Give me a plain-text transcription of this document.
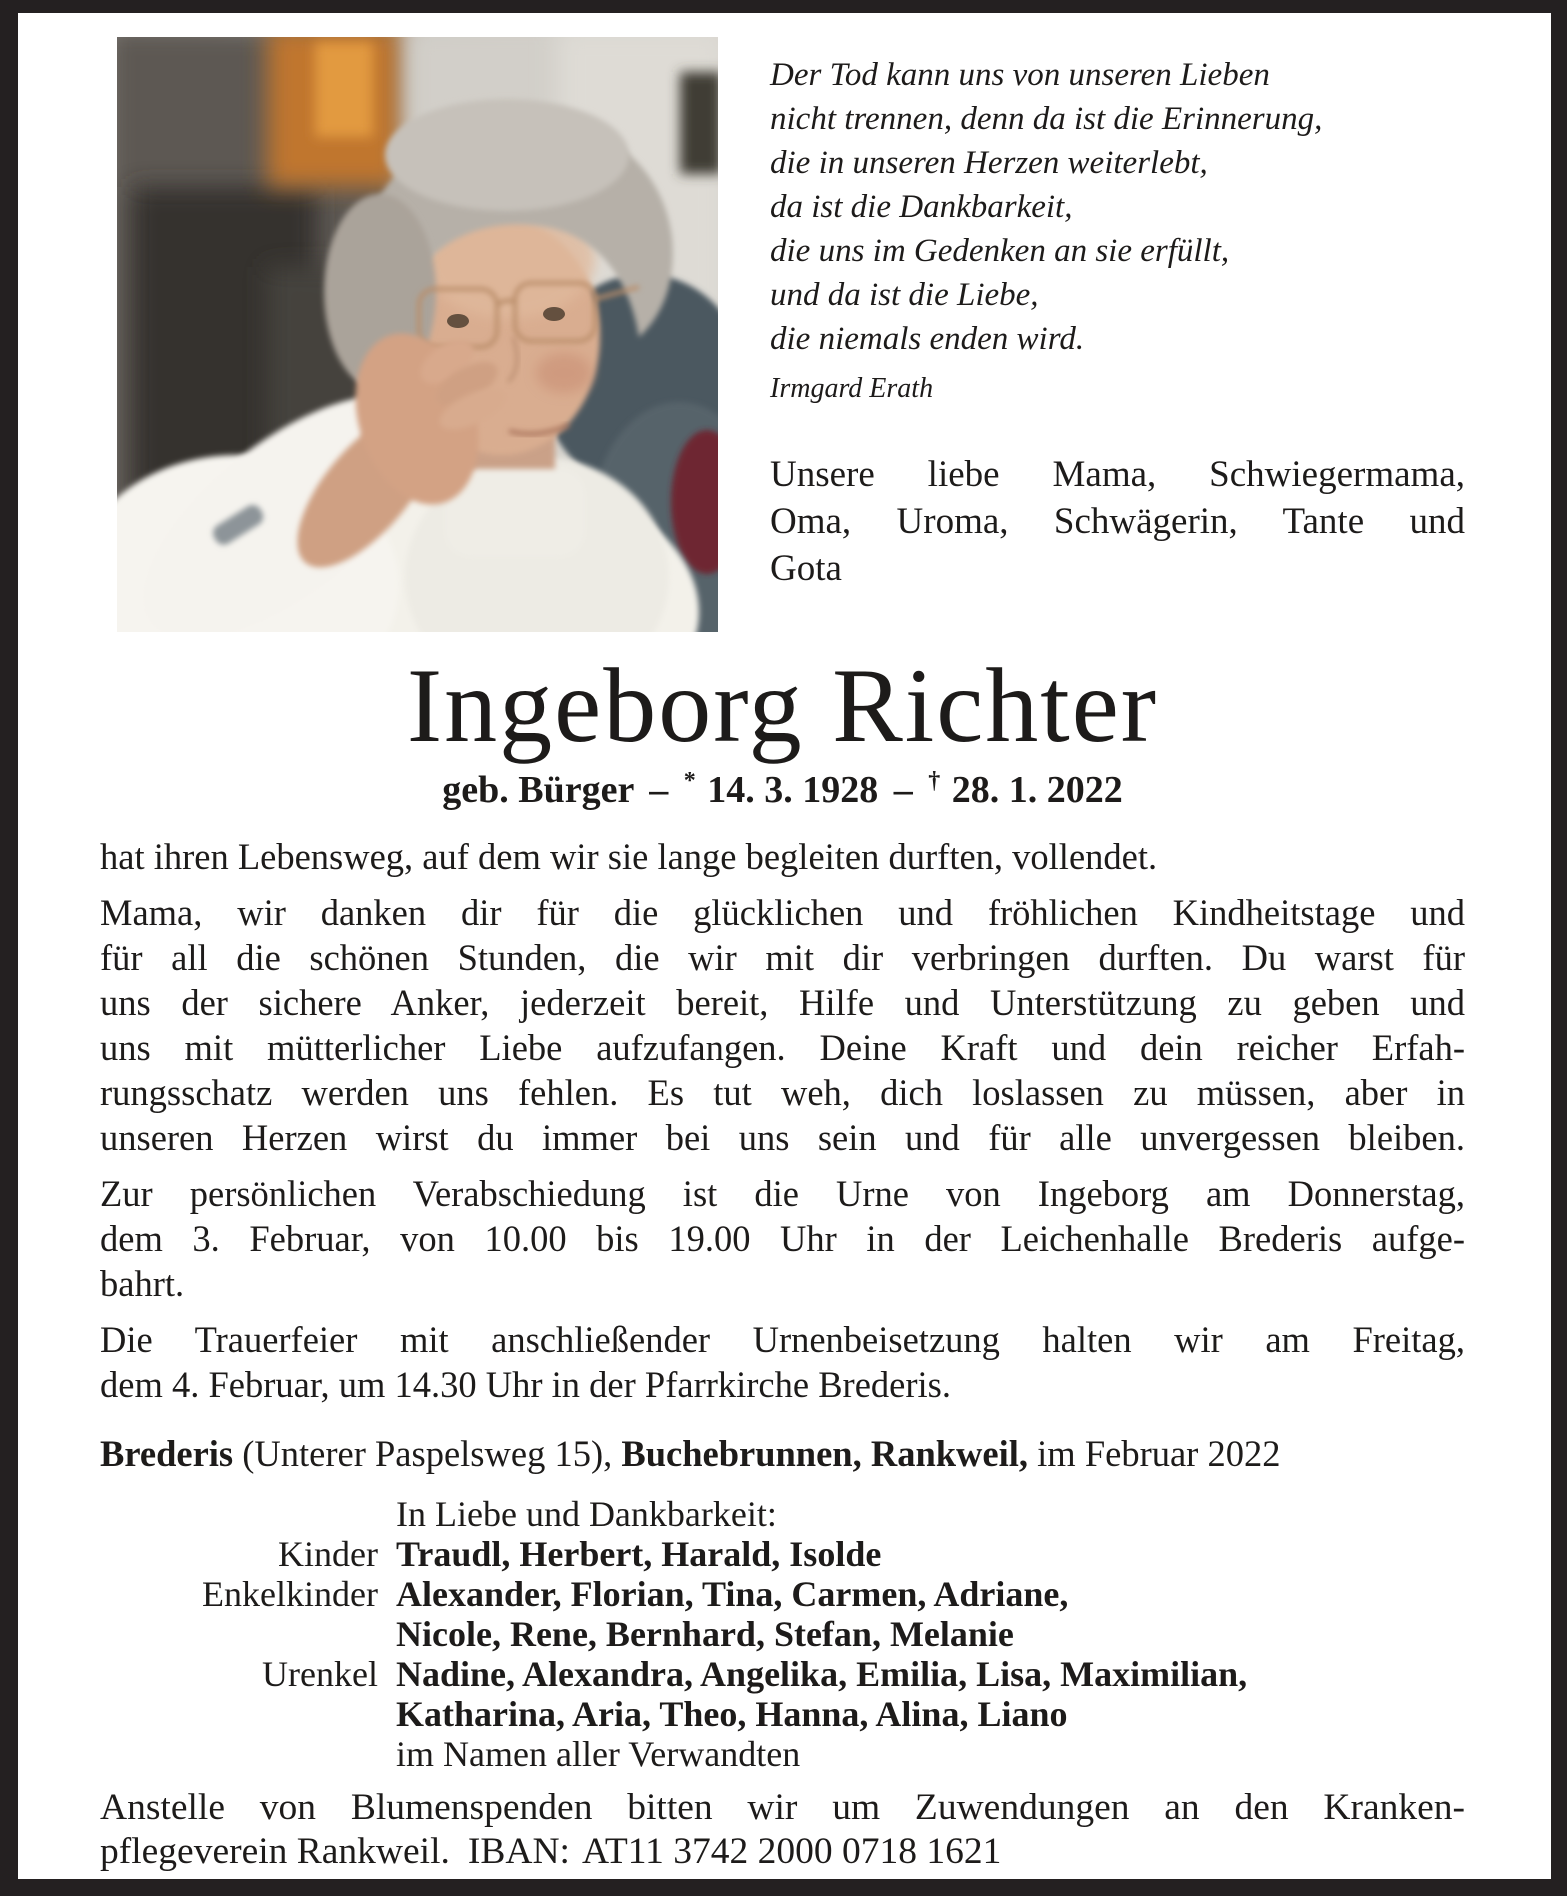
Der Tod kann uns von unseren Lieben
nicht trennen, denn da ist die Erinnerung,
die in unseren Herzen weiterlebt,
da ist die Dankbarkeit,
die uns im Gedenken an sie erfüllt,
und da ist die Liebe,
die niemals enden wird.
Irmgard Erath
Unsere liebe Mama, Schwiegermama,
Oma, Uroma, Schwägerin, Tante und
Gota
Ingeborg Richter
geb. Bürger – * 14. 3. 1928 – † 28. 1. 2022
hat ihren Lebensweg, auf dem wir sie lange begleiten durften, vollendet.
Mama, wir danken dir für die glücklichen und fröhlichen Kindheitstage und
für all die schönen Stunden, die wir mit dir verbringen durften. Du warst für
uns der sichere Anker, jederzeit bereit, Hilfe und Unterstützung zu geben und
uns mit mütterlicher Liebe aufzufangen. Deine Kraft und dein reicher Erfah-
rungsschatz werden uns fehlen. Es tut weh, dich loslassen zu müssen, aber in
unseren Herzen wirst du immer bei uns sein und für alle unvergessen bleiben.
Zur persönlichen Verabschiedung ist die Urne von Ingeborg am Donnerstag,
dem 3. Februar, von 10.00 bis 19.00 Uhr in der Leichenhalle Brederis aufge-
bahrt.
Die Trauerfeier mit anschließender Urnenbeisetzung halten wir am Freitag,
dem 4. Februar, um 14.30 Uhr in der Pfarrkirche Brederis.
Brederis (Unterer Paspelsweg 15), Buchebrunnen, Rankweil, im Februar 2022
In Liebe und Dankbarkeit:
Kinder Traudl, Herbert, Harald, Isolde
Enkelkinder Alexander, Florian, Tina, Carmen, Adriane,
Nicole, Rene, Bernhard, Stefan, Melanie
Urenkel Nadine, Alexandra, Angelika, Emilia, Lisa, Maximilian,
Katharina, Aria, Theo, Hanna, Alina, Liano
im Namen aller Verwandten
Anstelle von Blumenspenden bitten wir um Zuwendungen an den Kranken-
pflegeverein Rankweil. IBAN: AT11 3742 2000 0718 1621
